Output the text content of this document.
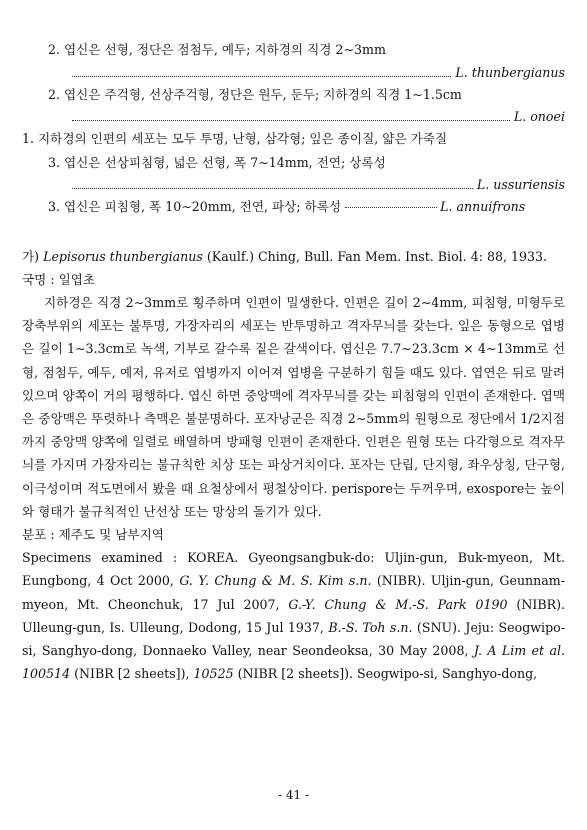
2. 엽신은 선형, 정단은 점첨두, 예두; 지하경의 직경 2∼3mm
L. thunbergianus
2. 엽신은 주걱형, 선상주걱형, 정단은 원두, 둔두; 지하경의 직경 1∼1.5cm
L. onoei
1. 지하경의 인편의 세포는 모두 투명, 난형, 삼각형; 잎은 종이질, 얇은 가죽질
3. 엽신은 선상피침형, 넓은 선형, 폭 7∼14mm, 전연; 상록성
L. ussuriensis
3. 엽신은 피침형, 폭 10∼20mm, 전연, 파상; 하록성	L. annuifrons
가) Lepisorus thunbergianus (Kaulf.) Ching, Bull. Fan Mem. Inst. Biol. 4: 88, 1933.
국명 : 일엽초
지하경은 직경 2∼3mm로 횡주하며 인편이 밀생한다. 인편은 길이 2∼4mm, 피침형, 미형두로 장축부위의 세포는 불투명, 가장자리의 세포는 반투명하고 격자무늬를 갖는다. 잎은 동형으로 엽병은 길이 1∼3.3cm로 녹색, 기부로 갈수록 짙은 갈색이다. 엽신은 7.7∼23.3cm × 4∼13mm로 선형, 점첨두, 예두, 예저, 유저로 엽병까지 이어져 엽병을 구분하기 힘들 때도 있다. 엽연은 뒤로 말려있으며 양쪽이 거의 평행하다. 엽신 하면 중앙맥에 격자무늬를 갖는 피침형의 인편이 존재한다. 엽맥은 중앙맥은 뚜렷하나 측맥은 불분명하다. 포자낭군은 직경 2∼5mm의 원형으로 정단에서 1/2지점까지 중앙맥 양쪽에 일렬로 배열하며 방패형 인편이 존재한다. 인편은 원형 또는 다각형으로 격자무늬를 가지며 가장자리는 불규칙한 치상 또는 파상거치이다. 포자는 단립, 단지형, 좌우상칭, 단구형, 이극성이며 적도면에서 봤을 때 요철상에서 평철상이다. perispore는 두꺼우며, exospore는 높이와 형태가 불규칙적인 난선상 또는 망상의 돌기가 있다.
분포 : 제주도 및 남부지역
Specimens examined : KOREA. Gyeongsangbuk-do: Uljin-gun, Buk-myeon, Mt. Eungbong, 4 Oct 2000, G. Y. Chung & M. S. Kim s.n. (NIBR). Uljin-gun, Geunnam-myeon, Mt. Cheonchuk, 17 Jul 2007, G.-Y. Chung & M.-S. Park 0190 (NIBR). Ulleung-gun, Is. Ulleung, Dodong, 15 Jul 1937, B.-S. Toh s.n. (SNU). Jeju: Seogwipo-si, Sanghyo-dong, Donnaeko Valley, near Seondeoksa, 30 May 2008, J. A Lim et al. 100514 (NIBR [2 sheets]), 10525 (NIBR [2 sheets]). Seogwipo-si, Sanghyo-dong,
- 41 -
